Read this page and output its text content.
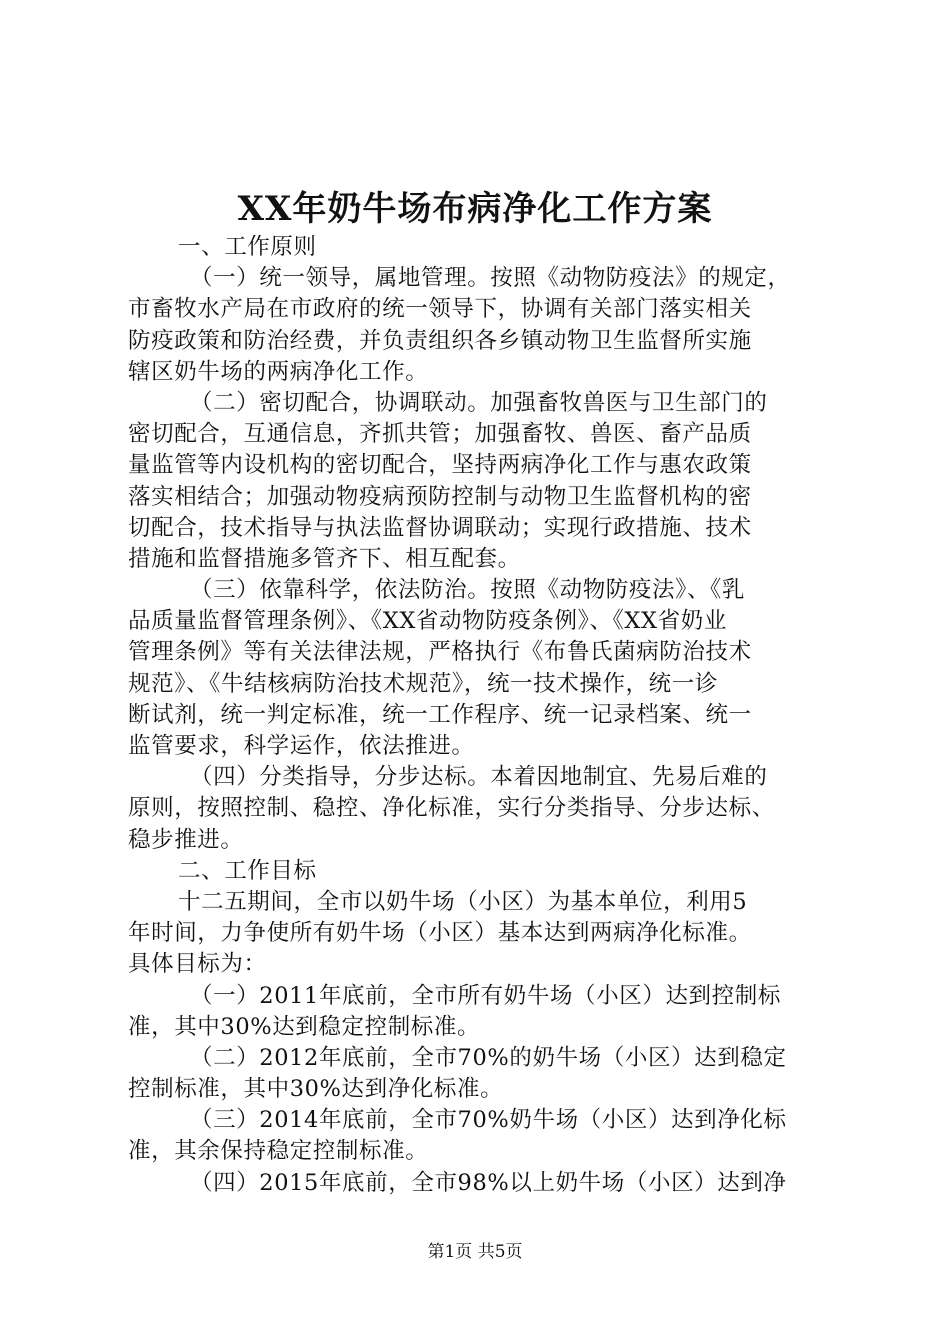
XX年奶牛场布病净化工作方案
一、工作原则
（一）统一领导，属地管理。按照《动物防疫法》的规定，
市畜牧水产局在市政府的统一领导下，协调有关部门落实相关
防疫政策和防治经费，并负责组织各乡镇动物卫生监督所实施
辖区奶牛场的两病净化工作。
（二）密切配合，协调联动。加强畜牧兽医与卫生部门的
密切配合，互通信息，齐抓共管；加强畜牧、兽医、畜产品质
量监管等内设机构的密切配合，坚持两病净化工作与惠农政策
落实相结合；加强动物疫病预防控制与动物卫生监督机构的密
切配合，技术指导与执法监督协调联动；实现行政措施、技术
措施和监督措施多管齐下、相互配套。
（三）依靠科学，依法防治。按照《动物防疫法》、《乳
品质量监督管理条例》、《XX省动物防疫条例》、《XX省奶业
管理条例》等有关法律法规，严格执行《布鲁氏菌病防治技术
规范》、《牛结核病防治技术规范》，统一技术操作，统一诊
断试剂，统一判定标准，统一工作程序、统一记录档案、统一
监管要求，科学运作，依法推进。
（四）分类指导，分步达标。本着因地制宜、先易后难的
原则，按照控制、稳控、净化标准，实行分类指导、分步达标、
稳步推进。
二、工作目标
十二五期间，全市以奶牛场（小区）为基本单位，利用5
年时间，力争使所有奶牛场（小区）基本达到两病净化标准。
具体目标为：
（一）2011年底前，全市所有奶牛场（小区）达到控制标
准，其中30%达到稳定控制标准。
（二）2012年底前，全市70%的奶牛场（小区）达到稳定
控制标准，其中30%达到净化标准。
（三）2014年底前，全市70%奶牛场（小区）达到净化标
准，其余保持稳定控制标准。
（四）2015年底前，全市98%以上奶牛场（小区）达到净
第1页 共5页
